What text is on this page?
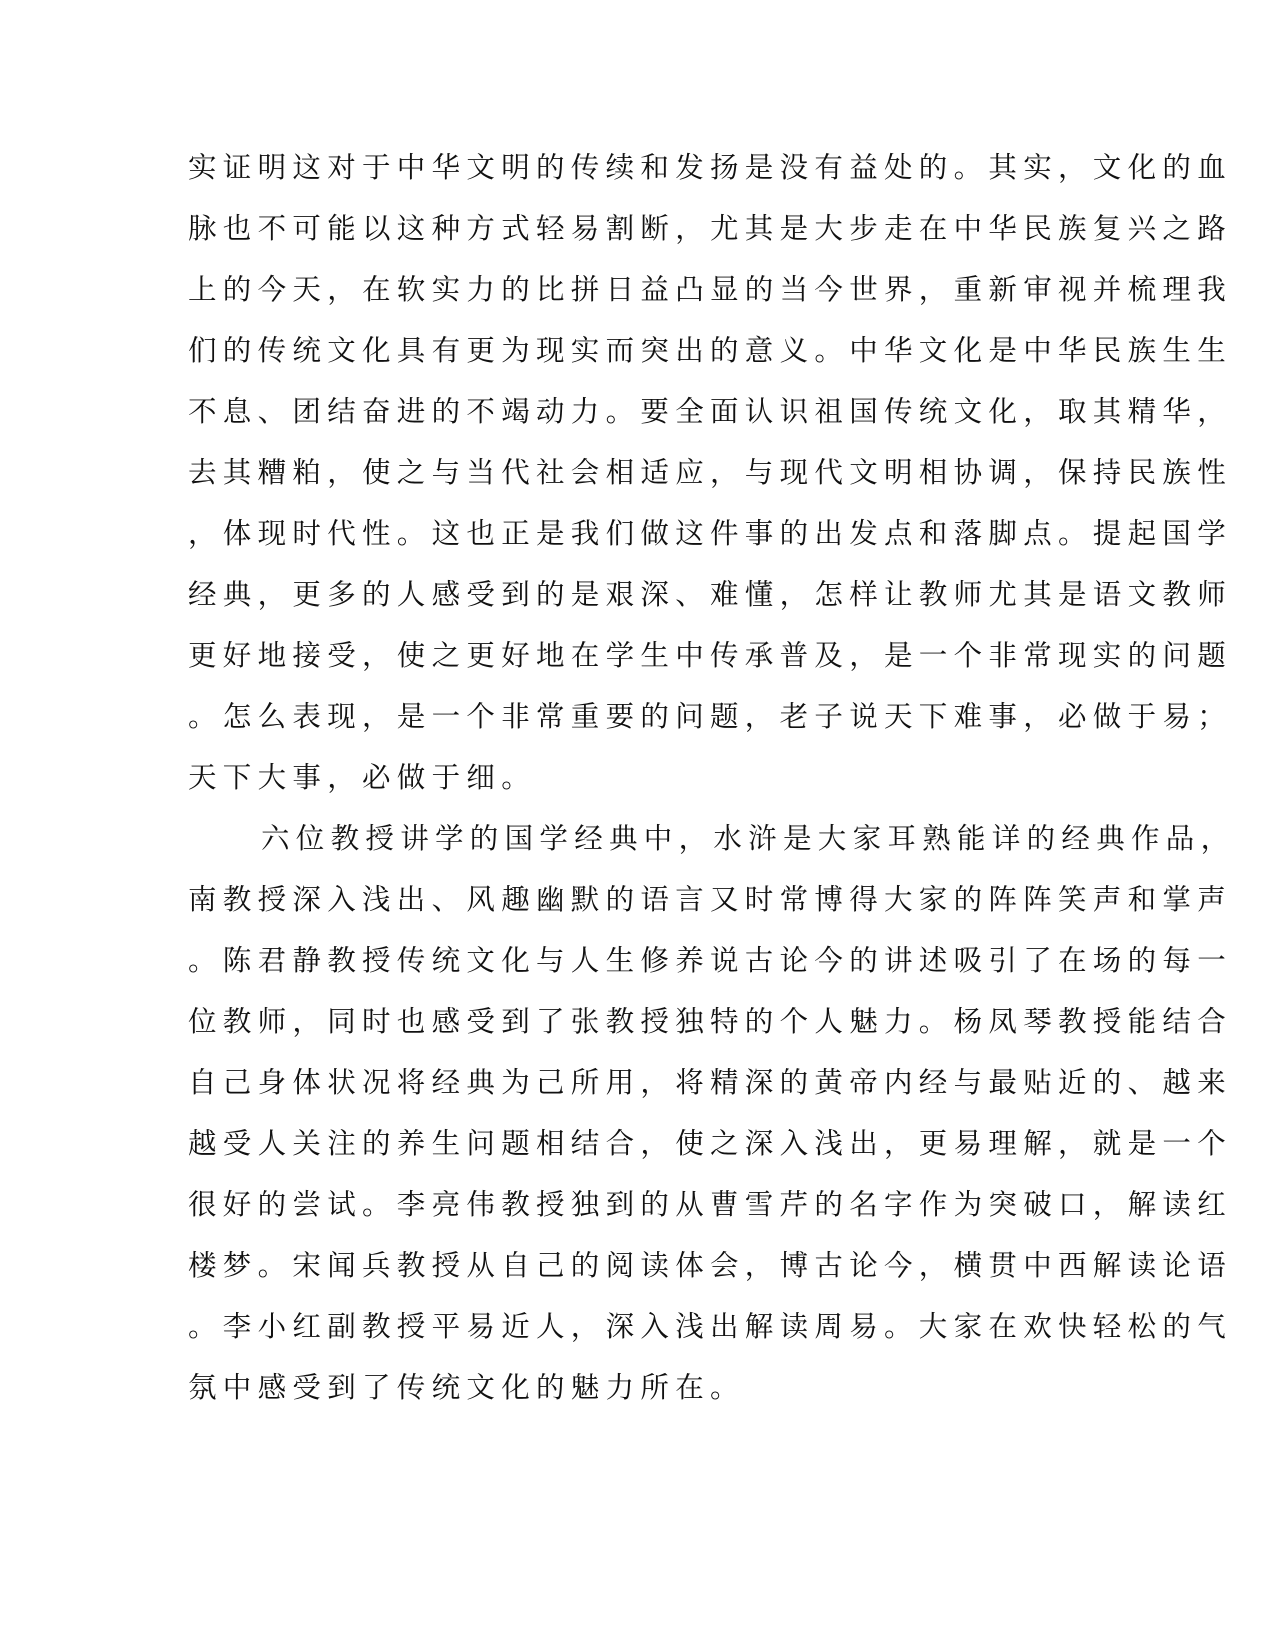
实证明这对于中华文明的传续和发扬是没有益处的。其实，文化的血
脉也不可能以这种方式轻易割断，尤其是大步走在中华民族复兴之路
上的今天，在软实力的比拼日益凸显的当今世界，重新审视并梳理我
们的传统文化具有更为现实而突出的意义。中华文化是中华民族生生
不息、团结奋进的不竭动力。要全面认识祖国传统文化，取其精华，
去其糟粕，使之与当代社会相适应，与现代文明相协调，保持民族性
，体现时代性。这也正是我们做这件事的出发点和落脚点。提起国学
经典，更多的人感受到的是艰深、难懂，怎样让教师尤其是语文教师
更好地接受，使之更好地在学生中传承普及，是一个非常现实的问题
。怎么表现，是一个非常重要的问题，老子说天下难事，必做于易；
天下大事，必做于细。
六位教授讲学的国学经典中，水浒是大家耳熟能详的经典作品，
南教授深入浅出、风趣幽默的语言又时常博得大家的阵阵笑声和掌声
。陈君静教授传统文化与人生修养说古论今的讲述吸引了在场的每一
位教师，同时也感受到了张教授独特的个人魅力。杨凤琴教授能结合
自己身体状况将经典为己所用，将精深的黄帝内经与最贴近的、越来
越受人关注的养生问题相结合，使之深入浅出，更易理解，就是一个
很好的尝试。李亮伟教授独到的从曹雪芹的名字作为突破口，解读红
楼梦。宋闻兵教授从自己的阅读体会，博古论今，横贯中西解读论语
。李小红副教授平易近人，深入浅出解读周易。大家在欢快轻松的气
氛中感受到了传统文化的魅力所在。
